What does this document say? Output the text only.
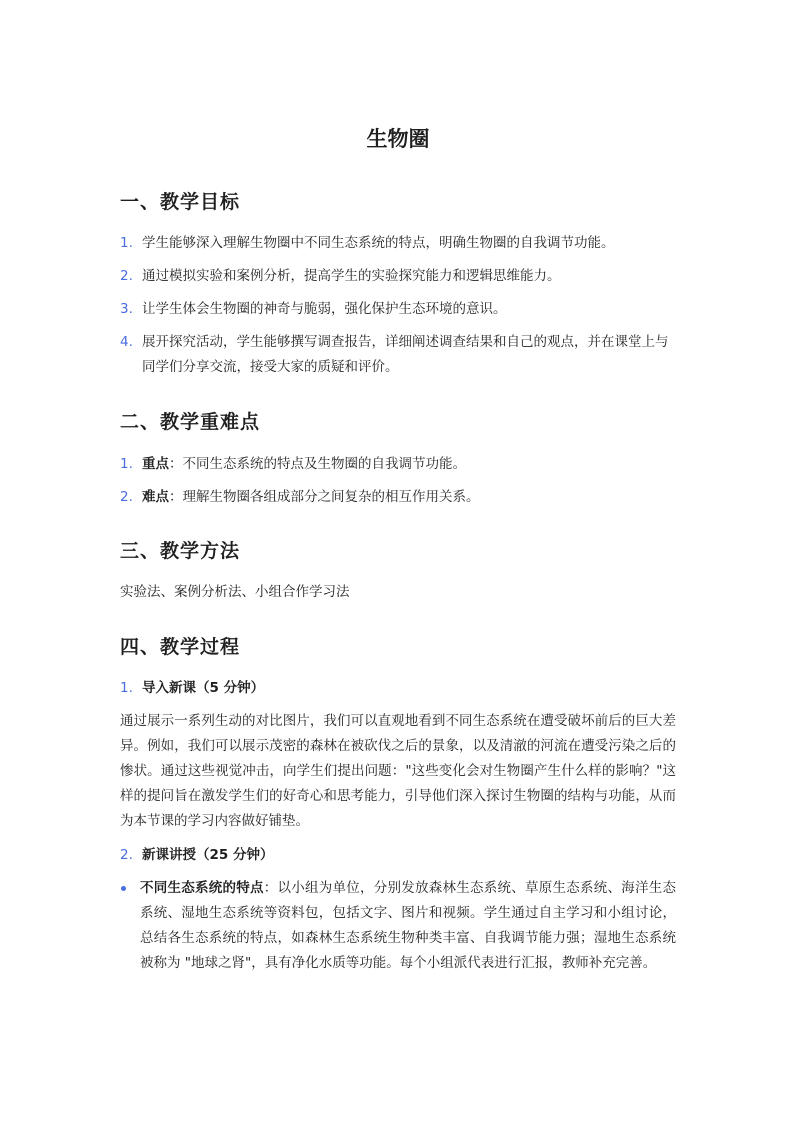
生物圈
一、教学目标
1. 学生能够深入理解生物圈中不同生态系统的特点，明确生物圈的自我调节功能。
2. 通过模拟实验和案例分析，提高学生的实验探究能力和逻辑思维能力。
3. 让学生体会生物圈的神奇与脆弱，强化保护生态环境的意识。
4. 展开探究活动，学生能够撰写调查报告，详细阐述调查结果和自己的观点，并在课堂上与同学们分享交流，接受大家的质疑和评价。
二、教学重难点
1. 重点：不同生态系统的特点及生物圈的自我调节功能。
2. 难点：理解生物圈各组成部分之间复杂的相互作用关系。
三、教学方法

实验法、案例分析法、小组合作学习法

四、教学过程
1. 导入新课（5 分钟）

通过展示一系列生动的对比图片，我们可以直观地看到不同生态系统在遭受破坏前后的巨大差异。例如，我们可以展示茂密的森林在被砍伐之后的景象，以及清澈的河流在遭受污染之后的惨状。通过这些视觉冲击，向学生们提出问题："这些变化会对生物圈产生什么样的影响？"这样的提问旨在激发学生们的好奇心和思考能力，引导他们深入探讨生物圈的结构与功能，从而为本节课的学习内容做好铺垫。

2. 新课讲授（25 分钟）
不同生态系统的特点：以小组为单位，分别发放森林生态系统、草原生态系统、海洋生态系统、湿地生态系统等资料包，包括文字、图片和视频。学生通过自主学习和小组讨论，总结各生态系统的特点，如森林生态系统生物种类丰富、自我调节能力强；湿地生态系统被称为 "地球之肾"，具有净化水质等功能。每个小组派代表进行汇报，教师补充完善。
